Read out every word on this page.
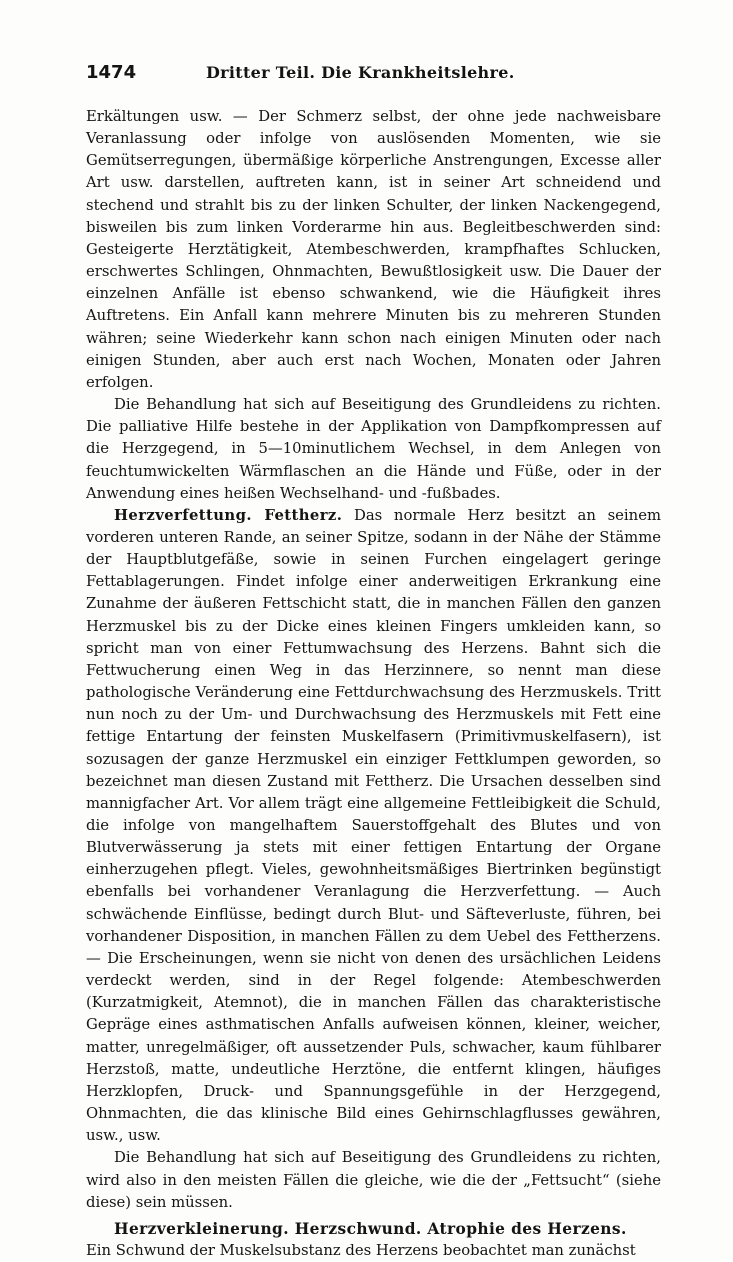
1474	Dritter Teil. Die Krankheitslehre.

Erkältungen usw. — Der Schmerz selbst, der ohne jede nachweisbare Veranlassung oder infolge von auslösenden Momenten, wie sie Gemütserregungen, übermäßige körperliche Anstrengungen, Excesse aller Art usw. darstellen, auftreten kann, ist in seiner Art schneidend und stechend und strahlt bis zu der linken Schulter, der linken Nackengegend, bisweilen bis zum linken Vorderarme hin aus. Begleitbeschwerden sind: Gesteigerte Herztätigkeit, Atembeschwerden, krampfhaftes Schlucken, erschwertes Schlingen, Ohnmachten, Bewußtlosigkeit usw. Die Dauer der einzelnen Anfälle ist ebenso schwankend, wie die Häufigkeit ihres Auftretens. Ein Anfall kann mehrere Minuten bis zu mehreren Stunden währen; seine Wiederkehr kann schon nach einigen Minuten oder nach einigen Stunden, aber auch erst nach Wochen, Monaten oder Jahren erfolgen.

Die Behandlung hat sich auf Beseitigung des Grundleidens zu richten. Die palliative Hilfe bestehe in der Applikation von Dampfkompressen auf die Herzgegend, in 5—10minutlichem Wechsel, in dem Anlegen von feuchtumwickelten Wärmflaschen an die Hände und Füße, oder in der Anwendung eines heißen Wechselhand- und -fußbades.

Herzverfettung. Fettherz. Das normale Herz besitzt an seinem vorderen unteren Rande, an seiner Spitze, sodann in der Nähe der Stämme der Hauptblutgefäße, sowie in seinen Furchen eingelagert geringe Fettablagerungen. Findet infolge einer anderweitigen Erkrankung eine Zunahme der äußeren Fettschicht statt, die in manchen Fällen den ganzen Herzmuskel bis zu der Dicke eines kleinen Fingers umkleiden kann, so spricht man von einer Fettumwachsung des Herzens. Bahnt sich die Fettwucherung einen Weg in das Herzinnere, so nennt man diese pathologische Veränderung eine Fettdurchwachsung des Herzmuskels. Tritt nun noch zu der Um- und Durchwachsung des Herzmuskels mit Fett eine fettige Entartung der feinsten Muskelfasern (Primitivmuskelfasern), ist sozusagen der ganze Herzmuskel ein einziger Fettklumpen geworden, so bezeichnet man diesen Zustand mit Fettherz. Die Ursachen desselben sind mannigfacher Art. Vor allem trägt eine allgemeine Fettleibigkeit die Schuld, die infolge von mangelhaftem Sauerstoffgehalt des Blutes und von Blutverwässerung ja stets mit einer fettigen Entartung der Organe einherzugehen pflegt. Vieles, gewohnheitsmäßiges Biertrinken begünstigt ebenfalls bei vorhandener Veranlagung die Herzverfettung. — Auch schwächende Einflüsse, bedingt durch Blut- und Säfteverluste, führen, bei vorhandener Disposition, in manchen Fällen zu dem Uebel des Fettherzens. — Die Erscheinungen, wenn sie nicht von denen des ursächlichen Leidens verdeckt werden, sind in der Regel folgende: Atembeschwerden (Kurzatmigkeit, Atemnot), die in manchen Fällen das charakteristische Gepräge eines asthmatischen Anfalls aufweisen können, kleiner, weicher, matter, unregelmäßiger, oft aussetzender Puls, schwacher, kaum fühlbarer Herzstoß, matte, undeutliche Herztöne, die entfernt klingen, häufiges Herzklopfen, Druck- und Spannungsgefühle in der Herzgegend, Ohnmachten, die das klinische Bild eines Gehirnschlagflusses gewähren, usw., usw.

Die Behandlung hat sich auf Beseitigung des Grundleidens zu richten, wird also in den meisten Fällen die gleiche, wie die der „Fettsucht“ (siehe diese) sein müssen.

Herzverkleinerung. Herzschwund. Atrophie des Herzens.

Ein Schwund der Muskelsubstanz des Herzens beobachtet man zunächst
